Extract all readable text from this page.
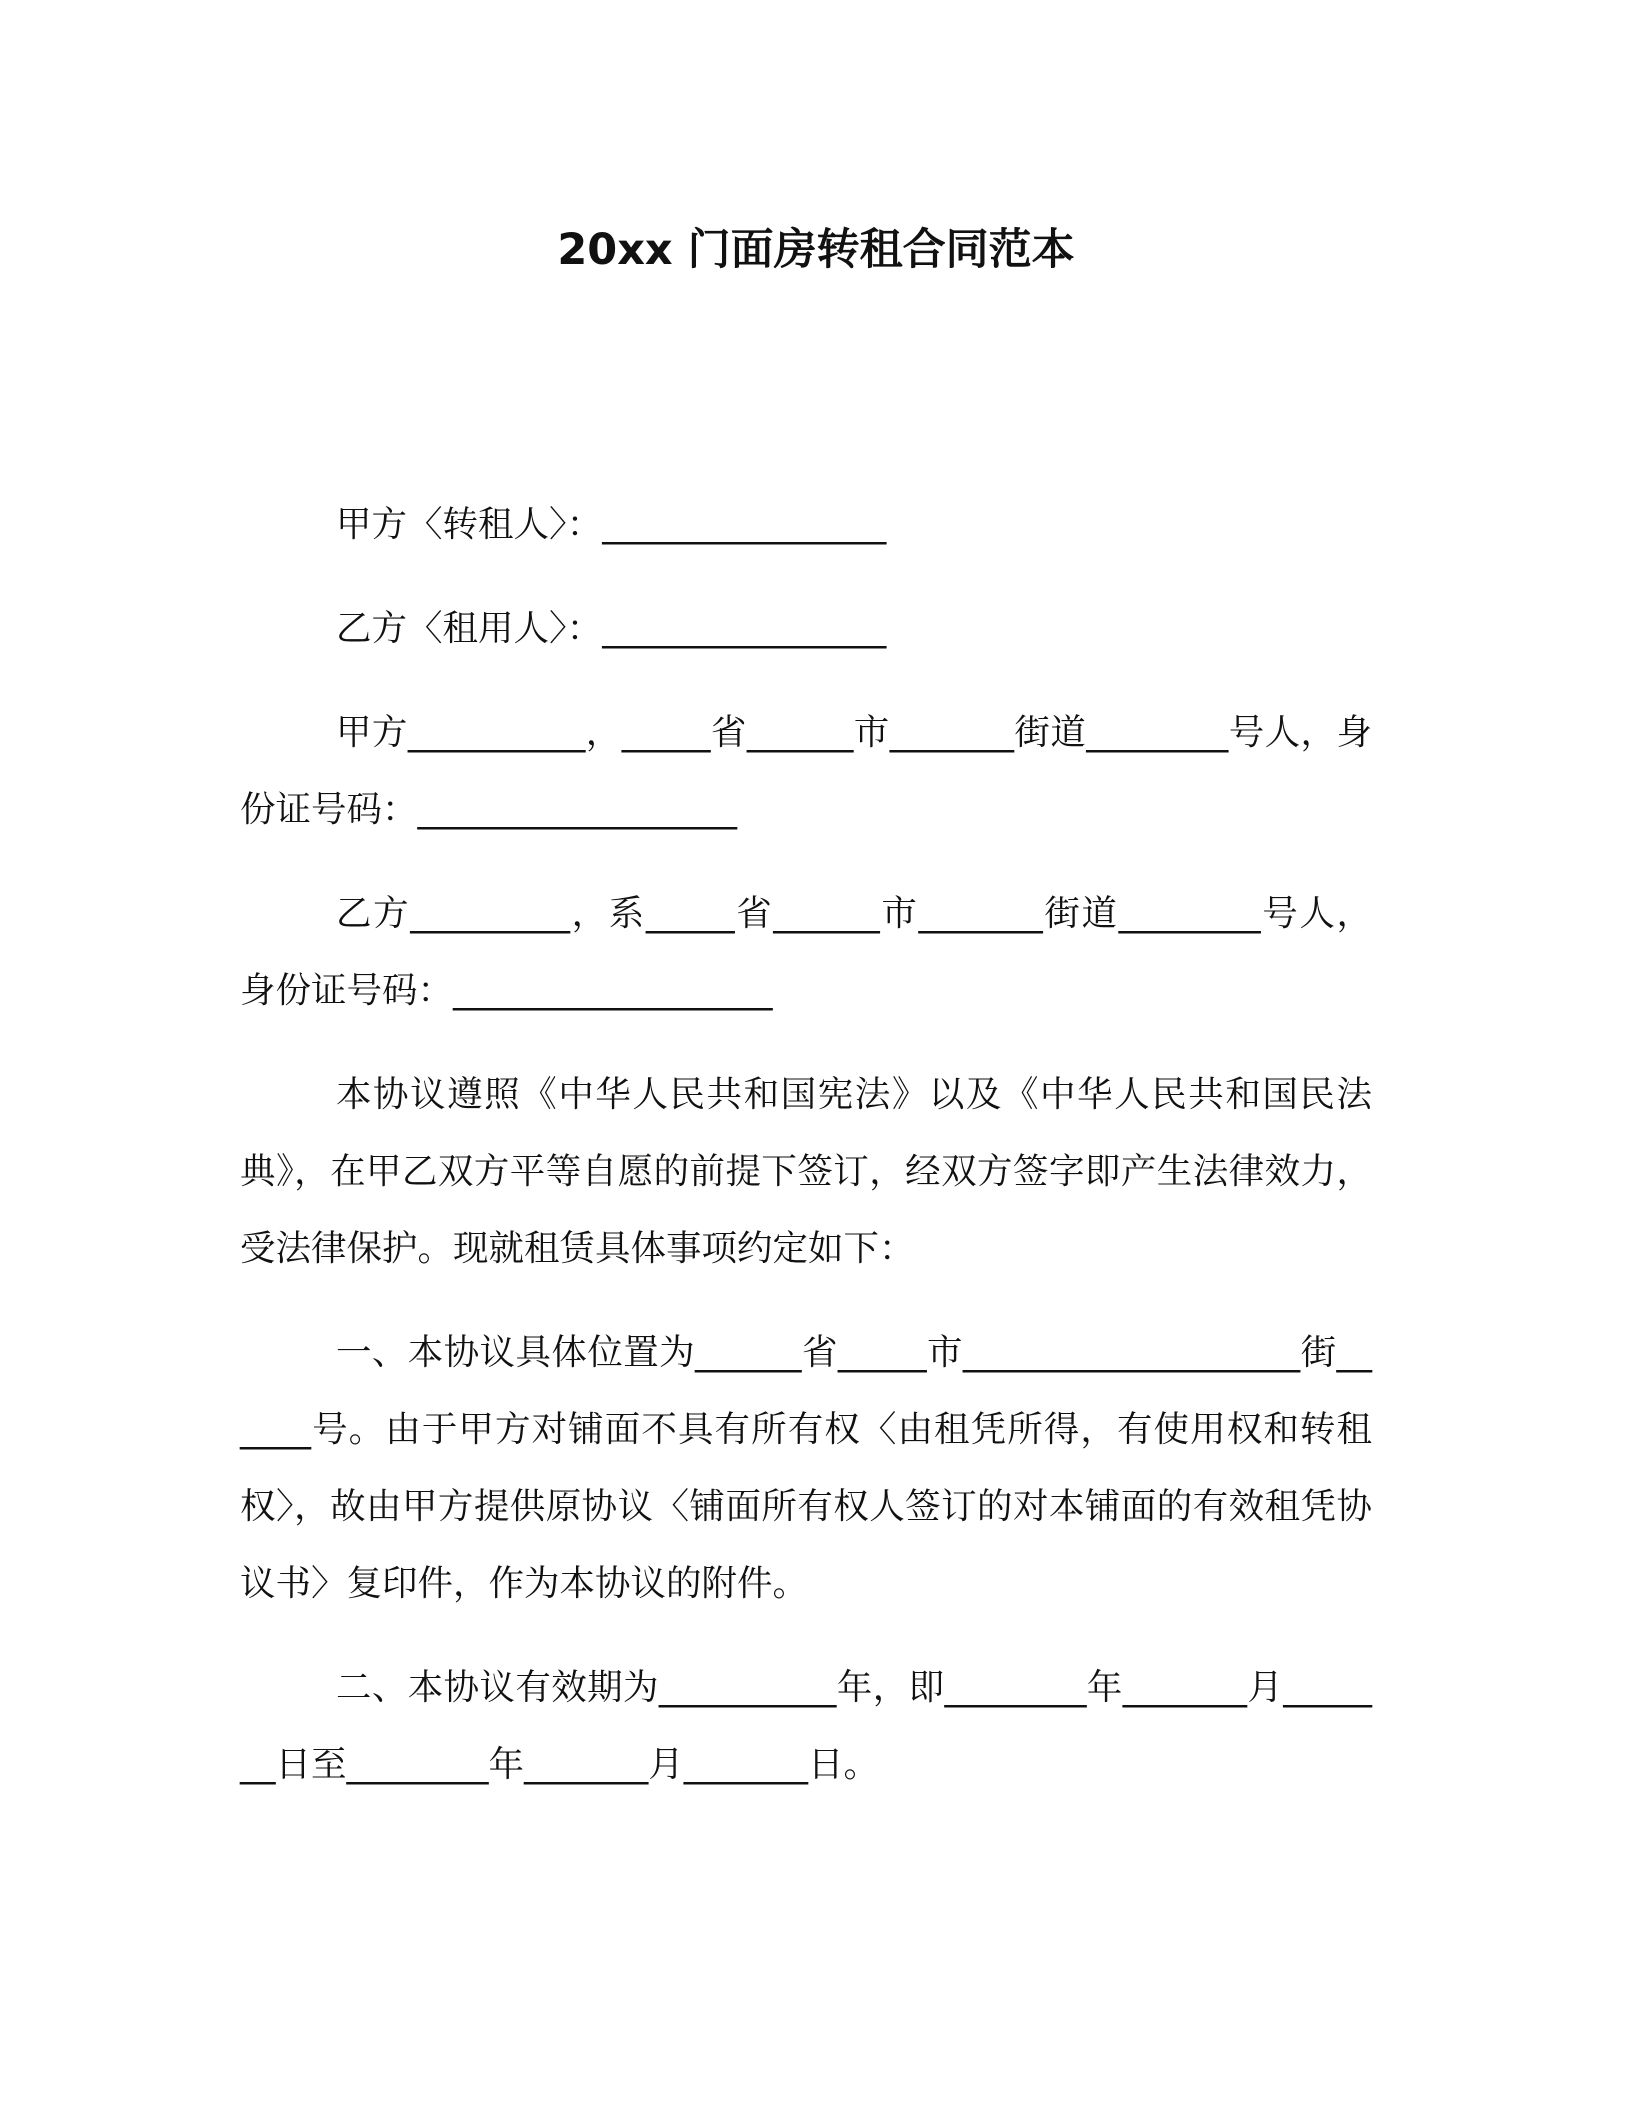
20xx 门面房转租合同范本

甲方〈转租人〉：________________

乙方〈租用人〉：________________

甲方__________，_____省______市_______街道________号人，身份证号码：__________________

乙方_________，系_____省______市_______街道________号人，身份证号码：__________________

本协议遵照《中华人民共和国宪法》以及《中华人民共和国民法典》，在甲乙双方平等自愿的前提下签订，经双方签字即产生法律效力，受法律保护。现就租赁具体事项约定如下：

一、本协议具体位置为______省_____市___________________街______号。由于甲方对铺面不具有所有权〈由租凭所得，有使用权和转租权〉，故由甲方提供原协议〈铺面所有权人签订的对本铺面的有效租凭协议书〉复印件，作为本协议的附件。

二、本协议有效期为__________年，即________年_______月_______日至________年_______月_______日。
